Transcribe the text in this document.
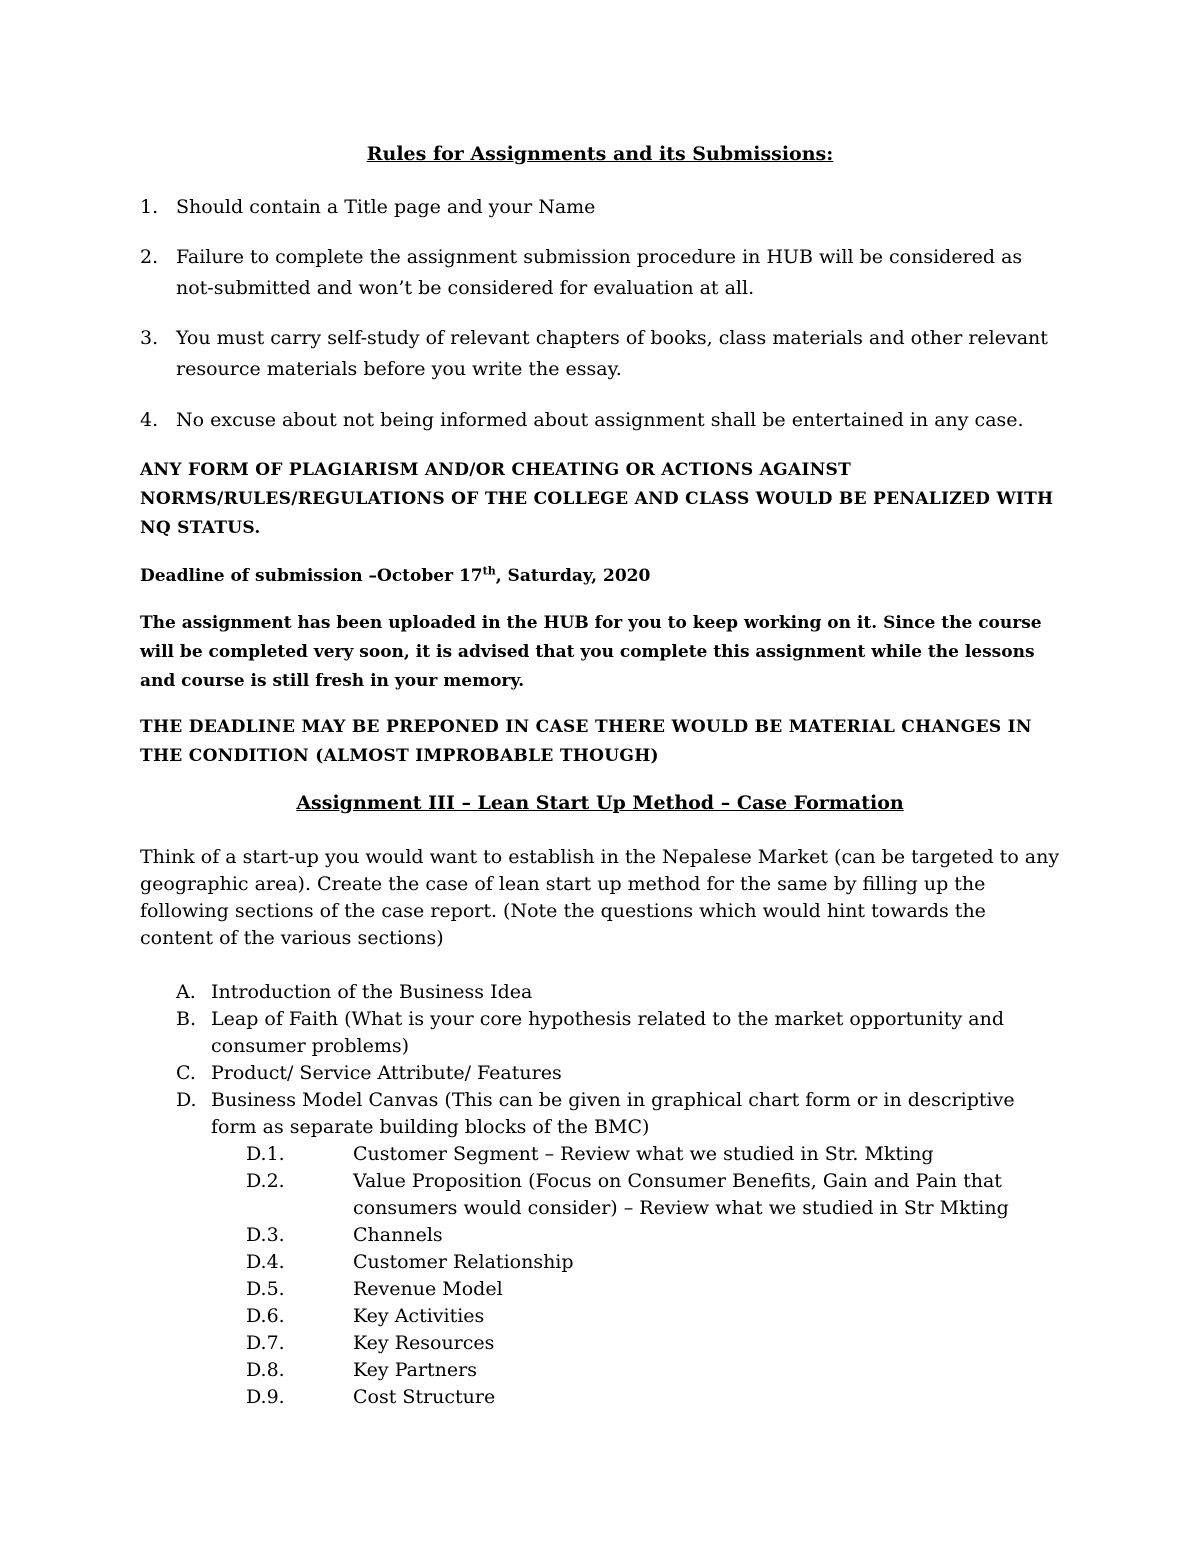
Rules for Assignments and its Submissions:
1. Should contain a Title page and your Name
2. Failure to complete the assignment submission procedure in HUB will be considered as not-submitted and won’t be considered for evaluation at all.
3. You must carry self-study of relevant chapters of books, class materials and other relevant resource materials before you write the essay.
4. No excuse about not being informed about assignment shall be entertained in any case.
ANY FORM OF PLAGIARISM AND/OR CHEATING OR ACTIONS AGAINST NORMS/RULES/REGULATIONS OF THE COLLEGE AND CLASS WOULD BE PENALIZED WITH NQ STATUS.
Deadline of submission –October 17th, Saturday, 2020
The assignment has been uploaded in the HUB for you to keep working on it. Since the course will be completed very soon, it is advised that you complete this assignment while the lessons and course is still fresh in your memory.
THE DEADLINE MAY BE PREPONED IN CASE THERE WOULD BE MATERIAL CHANGES IN THE CONDITION (ALMOST IMPROBABLE THOUGH)
Assignment III – Lean Start Up Method – Case Formation
Think of a start-up you would want to establish in the Nepalese Market (can be targeted to any geographic area). Create the case of lean start up method for the same by filling up the following sections of the case report. (Note the questions which would hint towards the content of the various sections)
A. Introduction of the Business Idea
B. Leap of Faith (What is your core hypothesis related to the market opportunity and consumer problems)
C. Product/ Service Attribute/ Features
D. Business Model Canvas (This can be given in graphical chart form or in descriptive form as separate building blocks of the BMC)
D.1.	Customer Segment – Review what we studied in Str. Mkting
D.2.	Value Proposition (Focus on Consumer Benefits, Gain and Pain that consumers would consider) – Review what we studied in Str Mkting
D.3.	Channels
D.4.	Customer Relationship
D.5.	Revenue Model
D.6.	Key Activities
D.7.	Key Resources
D.8.	Key Partners
D.9.	Cost Structure
